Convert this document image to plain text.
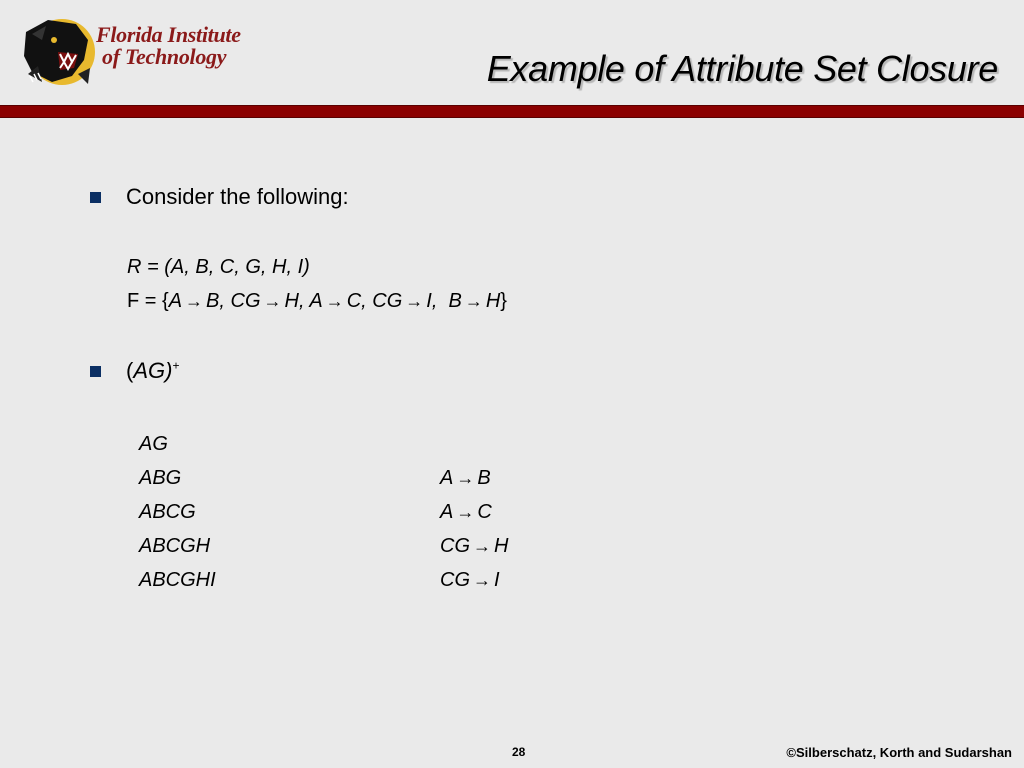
Florida Institute
of Technology	Example of Attribute Set Closure
Consider the following:
R = (A, B, C, G, H, I)
F = {A → B, CG → H, A → C, CG → I,  B → H}
(AG)+
AG
ABG	A → B
ABCG	A → C
ABCGH	CG → H
ABCGHI	CG → I
28	©Silberschatz, Korth and Sudarshan
